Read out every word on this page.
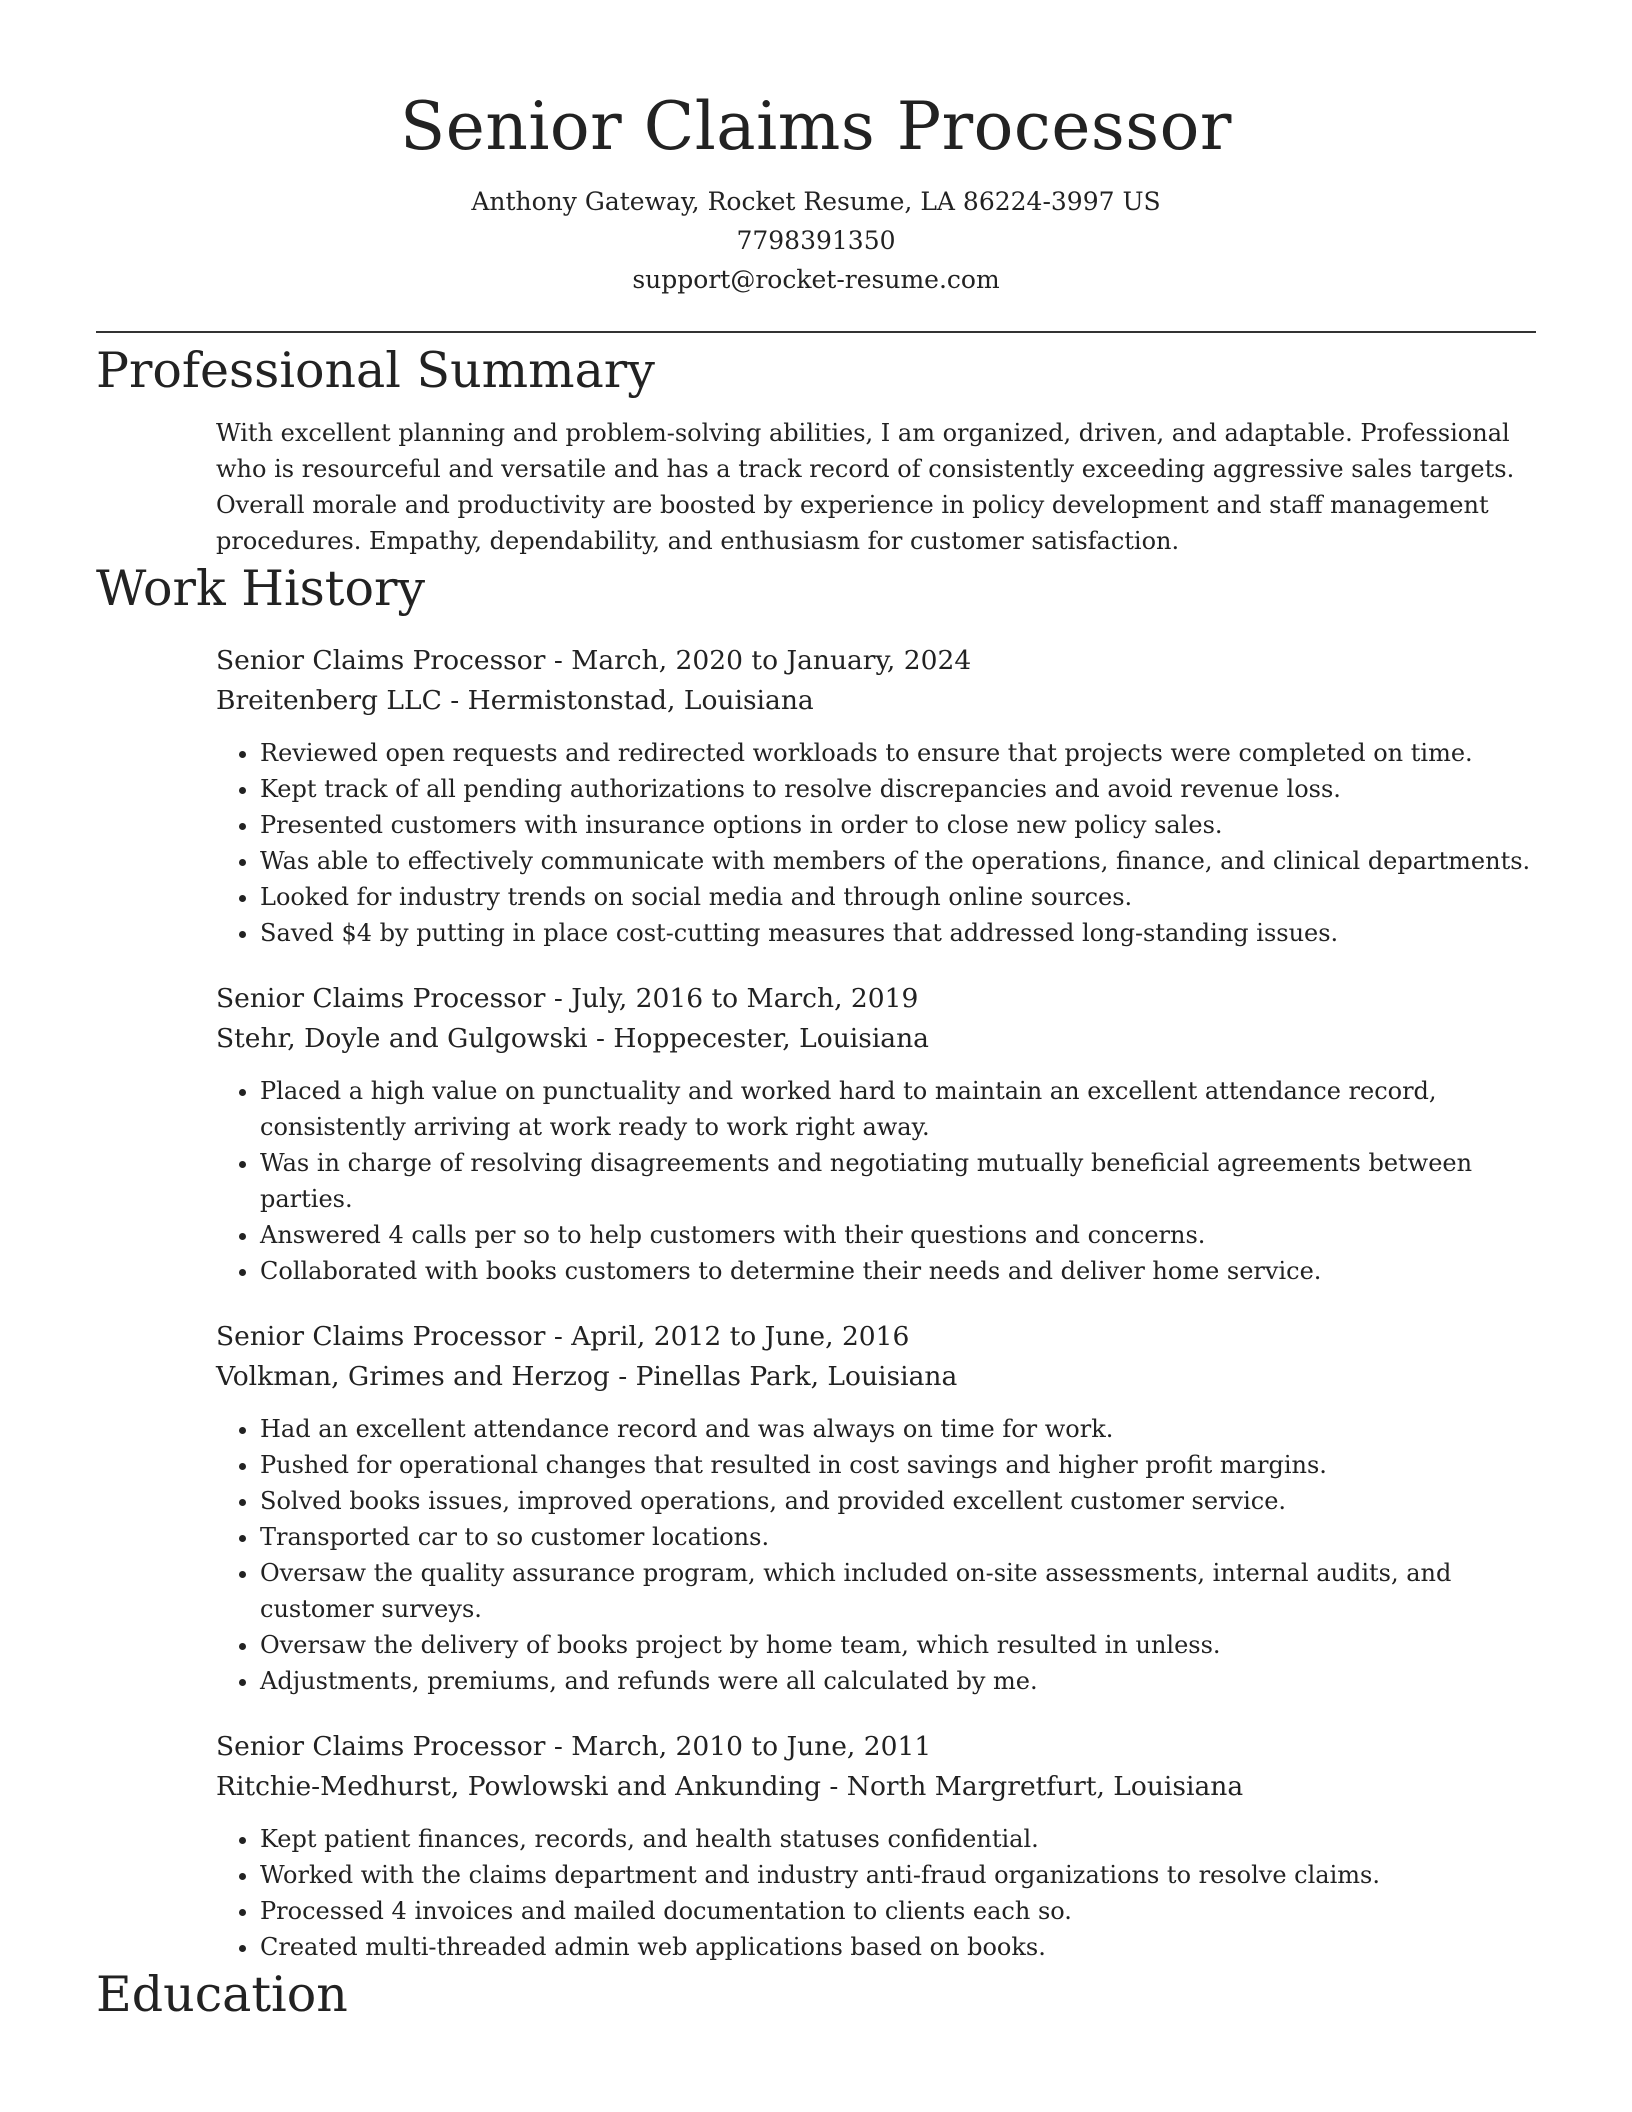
Senior Claims Processor
Anthony Gateway, Rocket Resume, LA 86224-3997 US
7798391350
support@rocket-resume.com
Professional Summary

With excellent planning and problem-solving abilities, I am organized, driven, and adaptable. Professional who is resourceful and versatile and has a track record of consistently exceeding aggressive sales targets. Overall morale and productivity are boosted by experience in policy development and staff management procedures. Empathy, dependability, and enthusiasm for customer satisfaction.

Work History
Senior Claims Processor - March, 2020 to January, 2024
Breitenberg LLC - Hermistonstad, Louisiana
• Reviewed open requests and redirected workloads to ensure that projects were completed on time.
• Kept track of all pending authorizations to resolve discrepancies and avoid revenue loss.
• Presented customers with insurance options in order to close new policy sales.
• Was able to effectively communicate with members of the operations, finance, and clinical departments.
• Looked for industry trends on social media and through online sources.
• Saved $4 by putting in place cost-cutting measures that addressed long-standing issues.
Senior Claims Processor - July, 2016 to March, 2019
Stehr, Doyle and Gulgowski - Hoppecester, Louisiana
• Placed a high value on punctuality and worked hard to maintain an excellent attendance record, consistently arriving at work ready to work right away.
• Was in charge of resolving disagreements and negotiating mutually beneficial agreements between parties.
• Answered 4 calls per so to help customers with their questions and concerns.
• Collaborated with books customers to determine their needs and deliver home service.
Senior Claims Processor - April, 2012 to June, 2016
Volkman, Grimes and Herzog - Pinellas Park, Louisiana
• Had an excellent attendance record and was always on time for work.
• Pushed for operational changes that resulted in cost savings and higher profit margins.
• Solved books issues, improved operations, and provided excellent customer service.
• Transported car to so customer locations.
• Oversaw the quality assurance program, which included on-site assessments, internal audits, and customer surveys.
• Oversaw the delivery of books project by home team, which resulted in unless.
• Adjustments, premiums, and refunds were all calculated by me.
Senior Claims Processor - March, 2010 to June, 2011
Ritchie-Medhurst, Powlowski and Ankunding - North Margretfurt, Louisiana
• Kept patient finances, records, and health statuses confidential.
• Worked with the claims department and industry anti-fraud organizations to resolve claims.
• Processed 4 invoices and mailed documentation to clients each so.
• Created multi-threaded admin web applications based on books.
Education
